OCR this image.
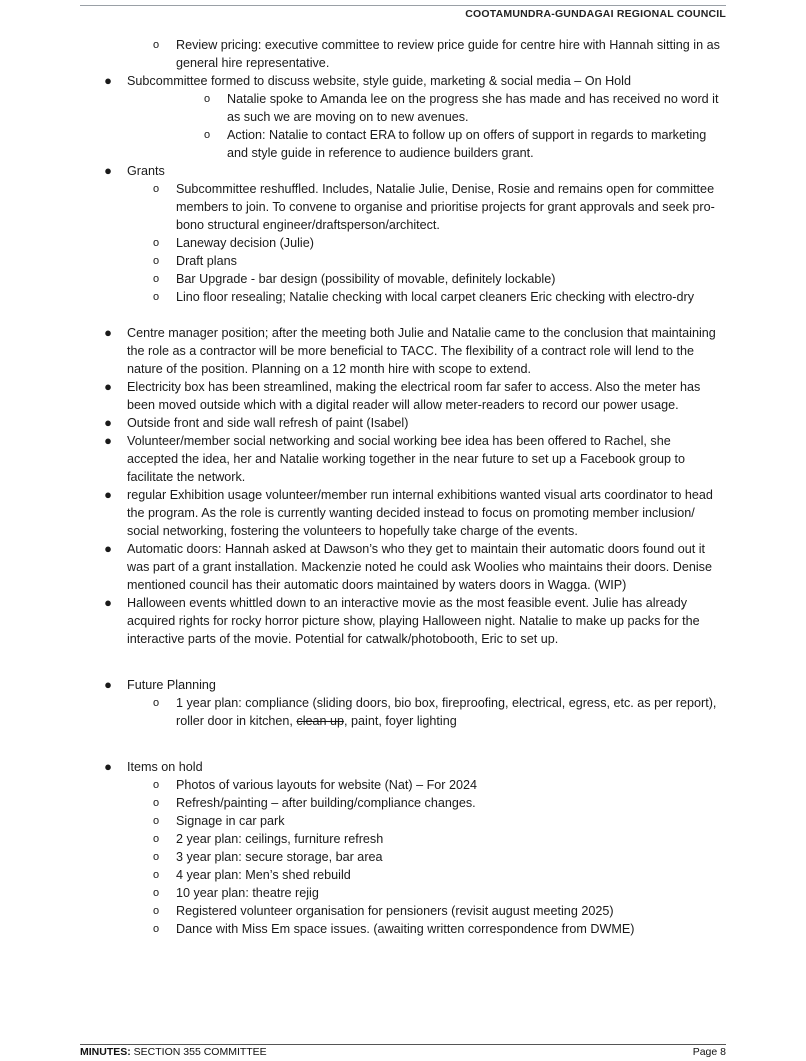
COOTAMUNDRA-GUNDAGAI REGIONAL COUNCIL
o	Review pricing: executive committee to review price guide for centre hire with Hannah sitting in as general hire representative.
● Subcommittee formed to discuss website, style guide, marketing & social media – On Hold
o	Natalie spoke to Amanda lee on the progress she has made and has received no word it as such we are moving on to new avenues.
o	Action: Natalie to contact ERA to follow up on offers of support in regards to marketing and style guide in reference to audience builders grant.
● Grants
o	Subcommittee reshuffled. Includes, Natalie Julie, Denise, Rosie and remains open for committee members to join. To convene to organise and prioritise projects for grant approvals and seek pro-bono structural engineer/draftsperson/architect.
o	Laneway decision (Julie)
o	Draft plans
o	Bar Upgrade - bar design (possibility of movable, definitely lockable)
o	Lino floor resealing; Natalie checking with local carpet cleaners Eric checking with electro-dry
● Centre manager position; after the meeting both Julie and Natalie came to the conclusion that maintaining the role as a contractor will be more beneficial to TACC. The flexibility of a contract role will lend to the nature of the position. Planning on a 12 month hire with scope to extend.
● Electricity box has been streamlined, making the electrical room far safer to access. Also the meter has been moved outside which with a digital reader will allow meter-readers to record our power usage.
● Outside front and side wall refresh of paint (Isabel)
● Volunteer/member social networking and social working bee idea has been offered to Rachel, she accepted the idea, her and Natalie working together in the near future to set up a Facebook group to facilitate the network.
● regular Exhibition usage volunteer/member run internal exhibitions wanted visual arts coordinator to head the program. As the role is currently wanting decided instead to focus on promoting member inclusion/ social networking, fostering the volunteers to hopefully take charge of the events.
● Automatic doors: Hannah asked at Dawson’s who they get to maintain their automatic doors found out it was part of a grant installation. Mackenzie noted he could ask Woolies who maintains their doors. Denise mentioned council has their automatic doors maintained by waters doors in Wagga. (WIP)
● Halloween events whittled down to an interactive movie as the most feasible event. Julie has already acquired rights for rocky horror picture show, playing Halloween night. Natalie to make up packs for the interactive parts of the movie. Potential for catwalk/photobooth, Eric to set up.
● Future Planning
o	1 year plan: compliance (sliding doors, bio box, fireproofing, electrical, egress, etc. as per report), roller door in kitchen, clean up, paint, foyer lighting
● Items on hold
o	Photos of various layouts for website (Nat) – For 2024
o	Refresh/painting – after building/compliance changes.
o	Signage in car park
o	2 year plan: ceilings, furniture refresh
o	3 year plan: secure storage, bar area
o	4 year plan: Men’s shed rebuild
o	10 year plan: theatre rejig
o	Registered volunteer organisation for pensioners (revisit august meeting 2025)
o	Dance with Miss Em space issues. (awaiting written correspondence from DWME)
MINUTES: SECTION 355 COMMITTEE	Page 8
